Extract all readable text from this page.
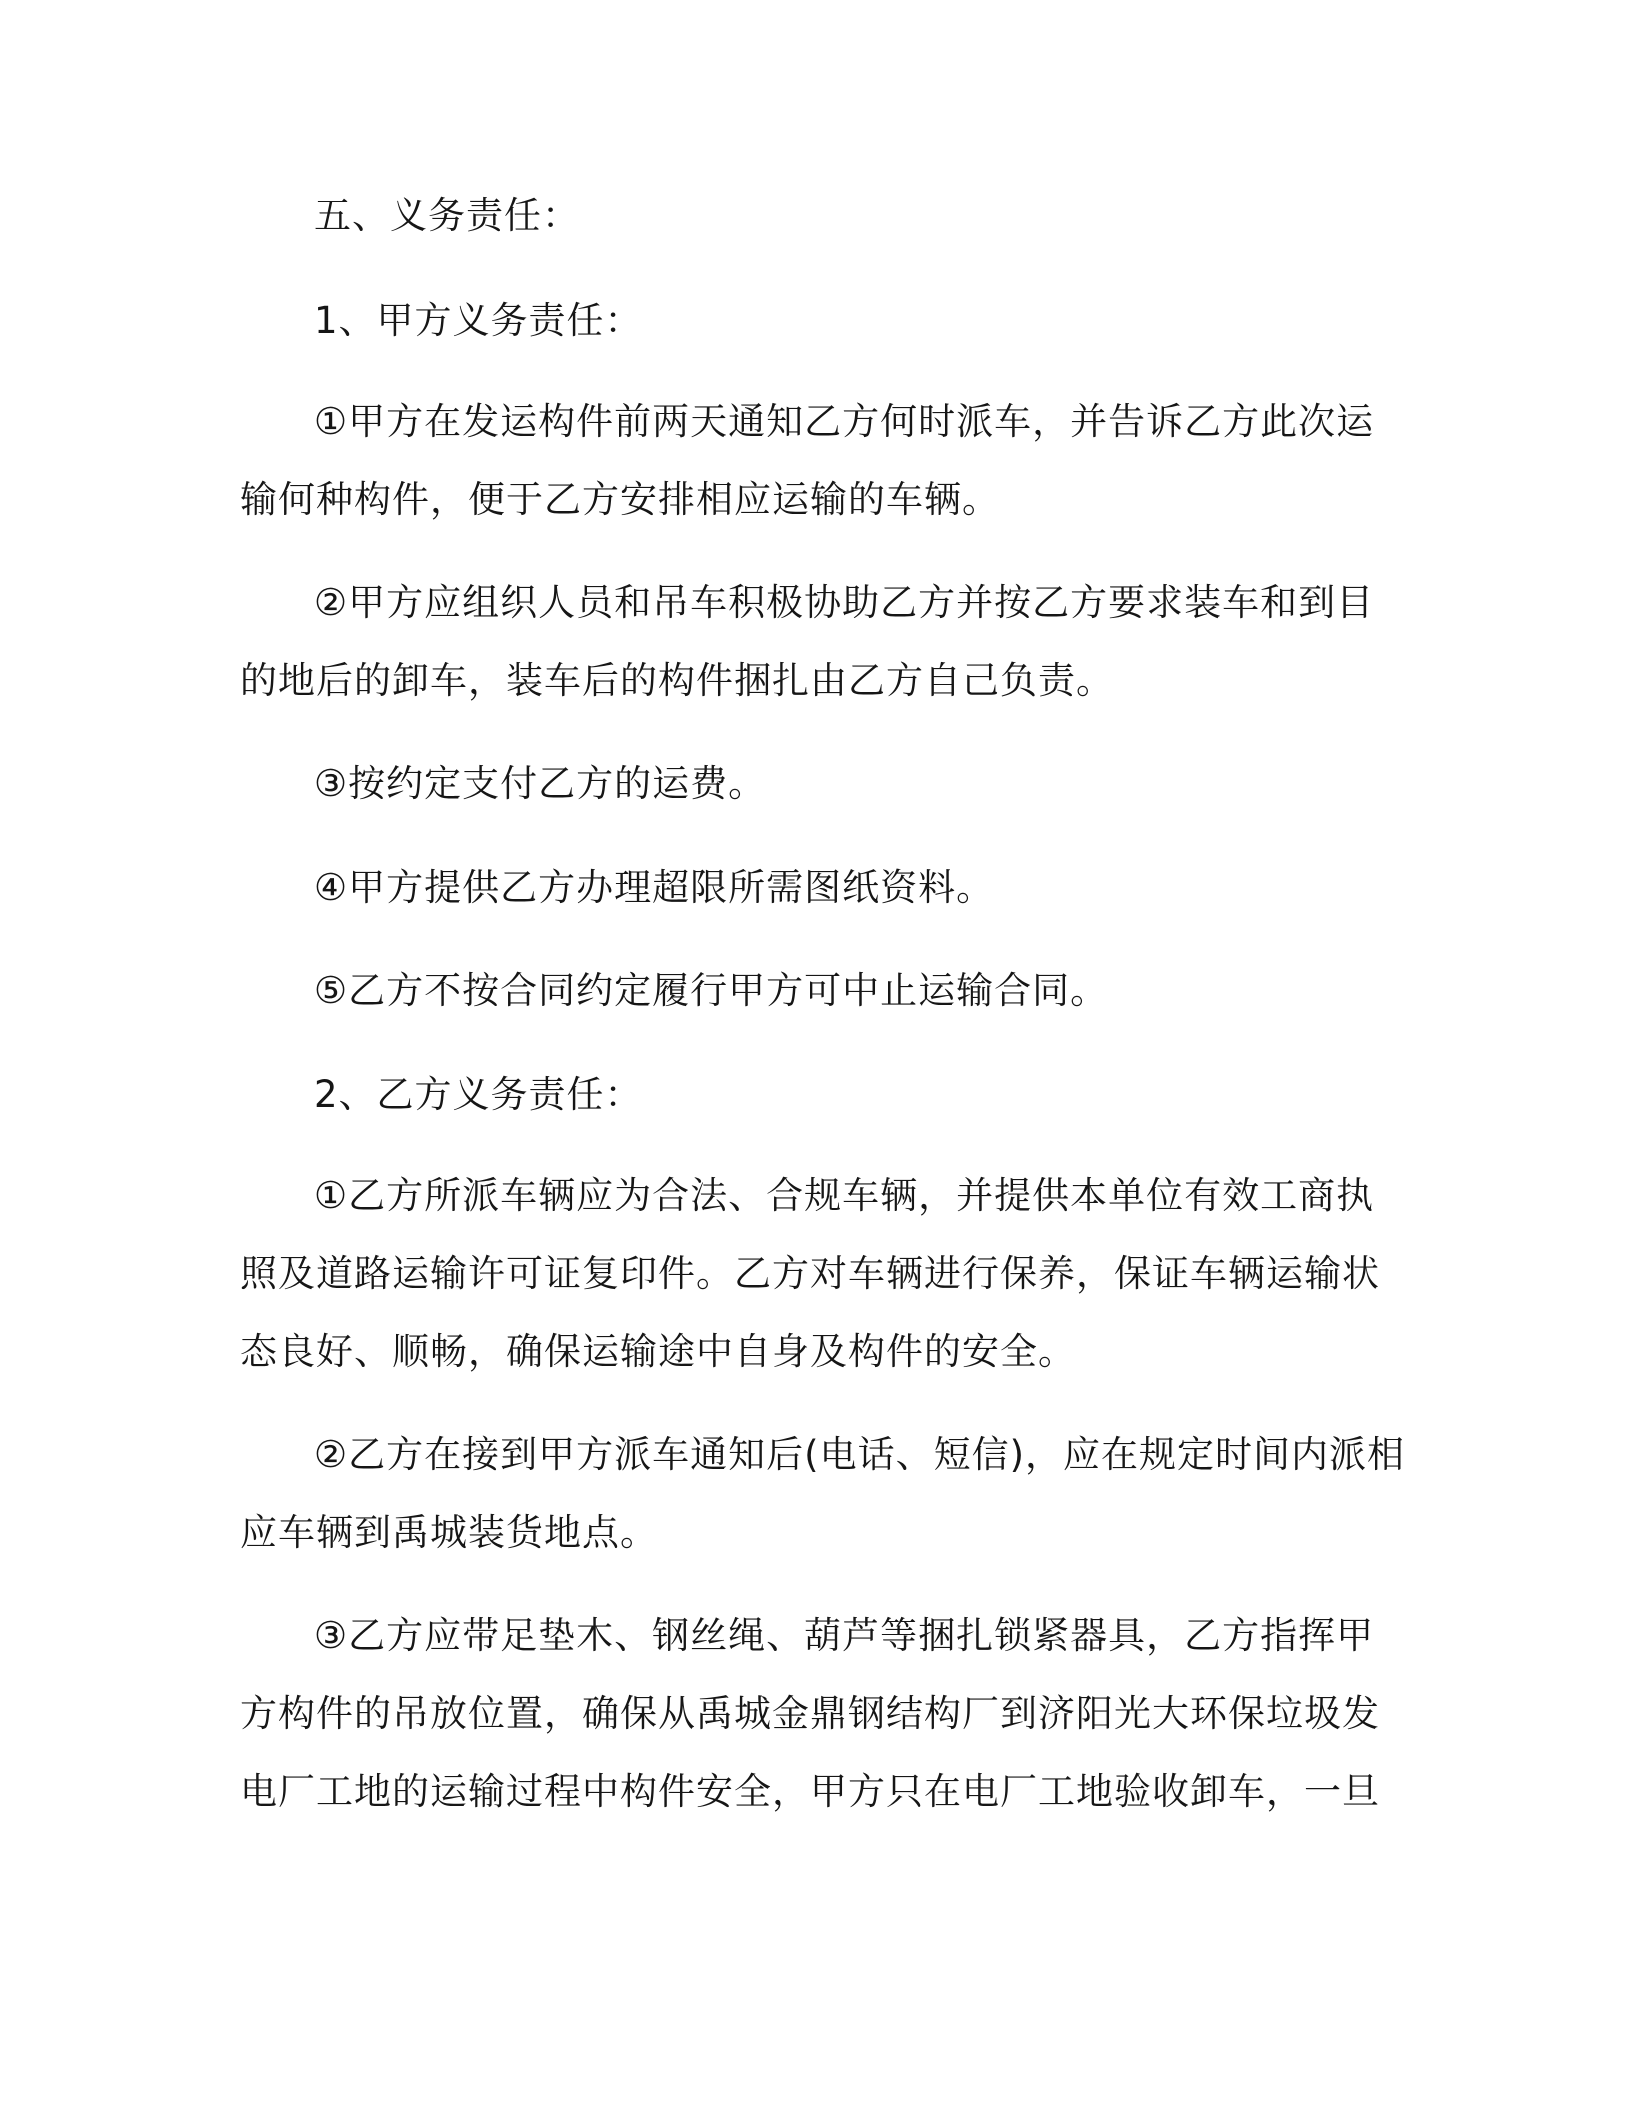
五、义务责任：
1、甲方义务责任：
①甲方在发运构件前两天通知乙方何时派车，并告诉乙方此次运
输何种构件，便于乙方安排相应运输的车辆。
②甲方应组织人员和吊车积极协助乙方并按乙方要求装车和到目
的地后的卸车，装车后的构件捆扎由乙方自己负责。
③按约定支付乙方的运费。
④甲方提供乙方办理超限所需图纸资料。
⑤乙方不按合同约定履行甲方可中止运输合同。
2、乙方义务责任：
①乙方所派车辆应为合法、合规车辆，并提供本单位有效工商执
照及道路运输许可证复印件。乙方对车辆进行保养，保证车辆运输状
态良好、顺畅，确保运输途中自身及构件的安全。
②乙方在接到甲方派车通知后(电话、短信)，应在规定时间内派相
应车辆到禹城装货地点。
③乙方应带足垫木、钢丝绳、葫芦等捆扎锁紧器具，乙方指挥甲
方构件的吊放位置，确保从禹城金鼎钢结构厂到济阳光大环保垃圾发
电厂工地的运输过程中构件安全，甲方只在电厂工地验收卸车，一旦
